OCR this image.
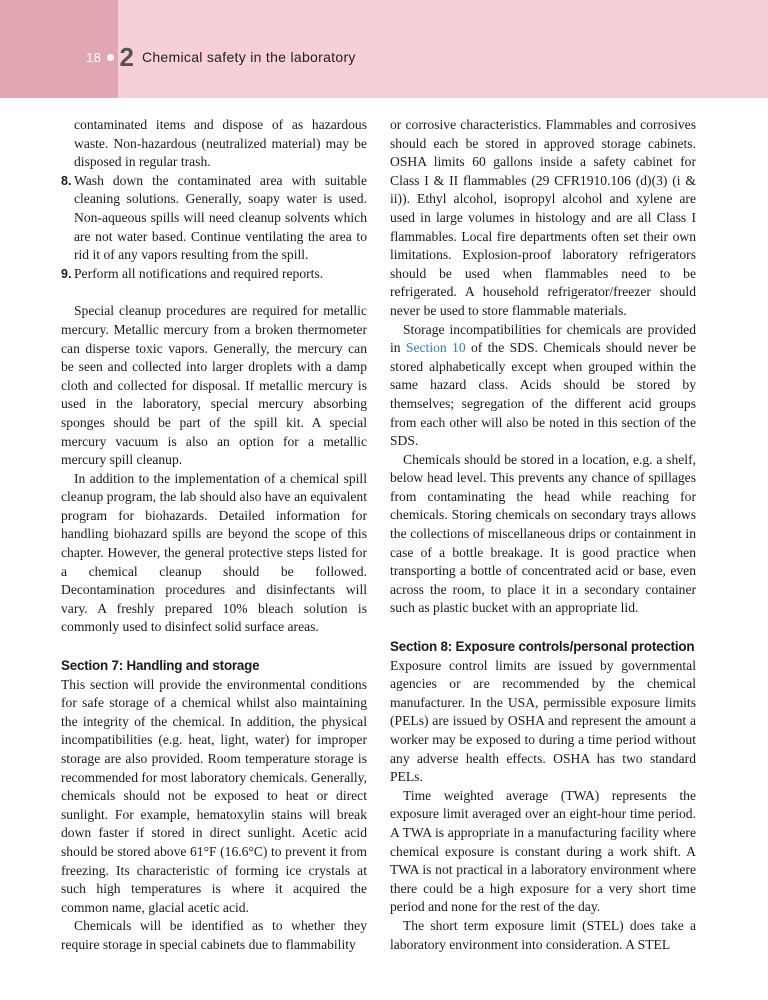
18 2 Chemical safety in the laboratory

contaminated items and dispose of as hazardous waste. Non-hazardous (neutralized material) may be disposed in regular trash.

8. Wash down the contaminated area with suitable cleaning solutions. Generally, soapy water is used. Non-aqueous spills will need cleanup solvents which are not water based. Continue ventilating the area to rid it of any vapors resulting from the spill.
9. Perform all notifications and required reports.

Special cleanup procedures are required for metallic mercury. Metallic mercury from a broken thermometer can disperse toxic vapors. Generally, the mercury can be seen and collected into larger droplets with a damp cloth and collected for disposal. If metallic mercury is used in the laboratory, special mercury absorbing sponges should be part of the spill kit. A special mercury vacuum is also an option for a metallic mercury spill cleanup.

In addition to the implementation of a chemical spill cleanup program, the lab should also have an equivalent program for biohazards. Detailed information for handling biohazard spills are beyond the scope of this chapter. However, the general protective steps listed for a chemical cleanup should be followed. Decontamination procedures and disinfectants will vary. A freshly prepared 10% bleach solution is commonly used to disinfect solid surface areas.

Section 7: Handling and storage

This section will provide the environmental conditions for safe storage of a chemical whilst also maintaining the integrity of the chemical. In addition, the physical incompatibilities (e.g. heat, light, water) for improper storage are also provided. Room temperature storage is recommended for most laboratory chemicals. Generally, chemicals should not be exposed to heat or direct sunlight. For example, hematoxylin stains will break down faster if stored in direct sunlight. Acetic acid should be stored above 61°F (16.6°C) to prevent it from freezing. Its characteristic of forming ice crystals at such high temperatures is where it acquired the common name, glacial acetic acid.

Chemicals will be identified as to whether they require storage in special cabinets due to flammability

or corrosive characteristics. Flammables and corrosives should each be stored in approved storage cabinets. OSHA limits 60 gallons inside a safety cabinet for Class I & II flammables (29 CFR1910.106 (d)(3) (i & ii)). Ethyl alcohol, isopropyl alcohol and xylene are used in large volumes in histology and are all Class I flammables. Local fire departments often set their own limitations. Explosion-proof laboratory refrigerators should be used when flammables need to be refrigerated. A household refrigerator/freezer should never be used to store flammable materials.

Storage incompatibilities for chemicals are provided in Section 10 of the SDS. Chemicals should never be stored alphabetically except when grouped within the same hazard class. Acids should be stored by themselves; segregation of the different acid groups from each other will also be noted in this section of the SDS.

Chemicals should be stored in a location, e.g. a shelf, below head level. This prevents any chance of spillages from contaminating the head while reaching for chemicals. Storing chemicals on secondary trays allows the collections of miscellaneous drips or containment in case of a bottle breakage. It is good practice when transporting a bottle of concentrated acid or base, even across the room, to place it in a secondary container such as plastic bucket with an appropriate lid.

Section 8: Exposure controls/personal protection

Exposure control limits are issued by governmental agencies or are recommended by the chemical manufacturer. In the USA, permissible exposure limits (PELs) are issued by OSHA and represent the amount a worker may be exposed to during a time period without any adverse health effects. OSHA has two standard PELs.

Time weighted average (TWA) represents the exposure limit averaged over an eight-hour time period. A TWA is appropriate in a manufacturing facility where chemical exposure is constant during a work shift. A TWA is not practical in a laboratory environment where there could be a high exposure for a very short time period and none for the rest of the day.

The short term exposure limit (STEL) does take a laboratory environment into consideration. A STEL
